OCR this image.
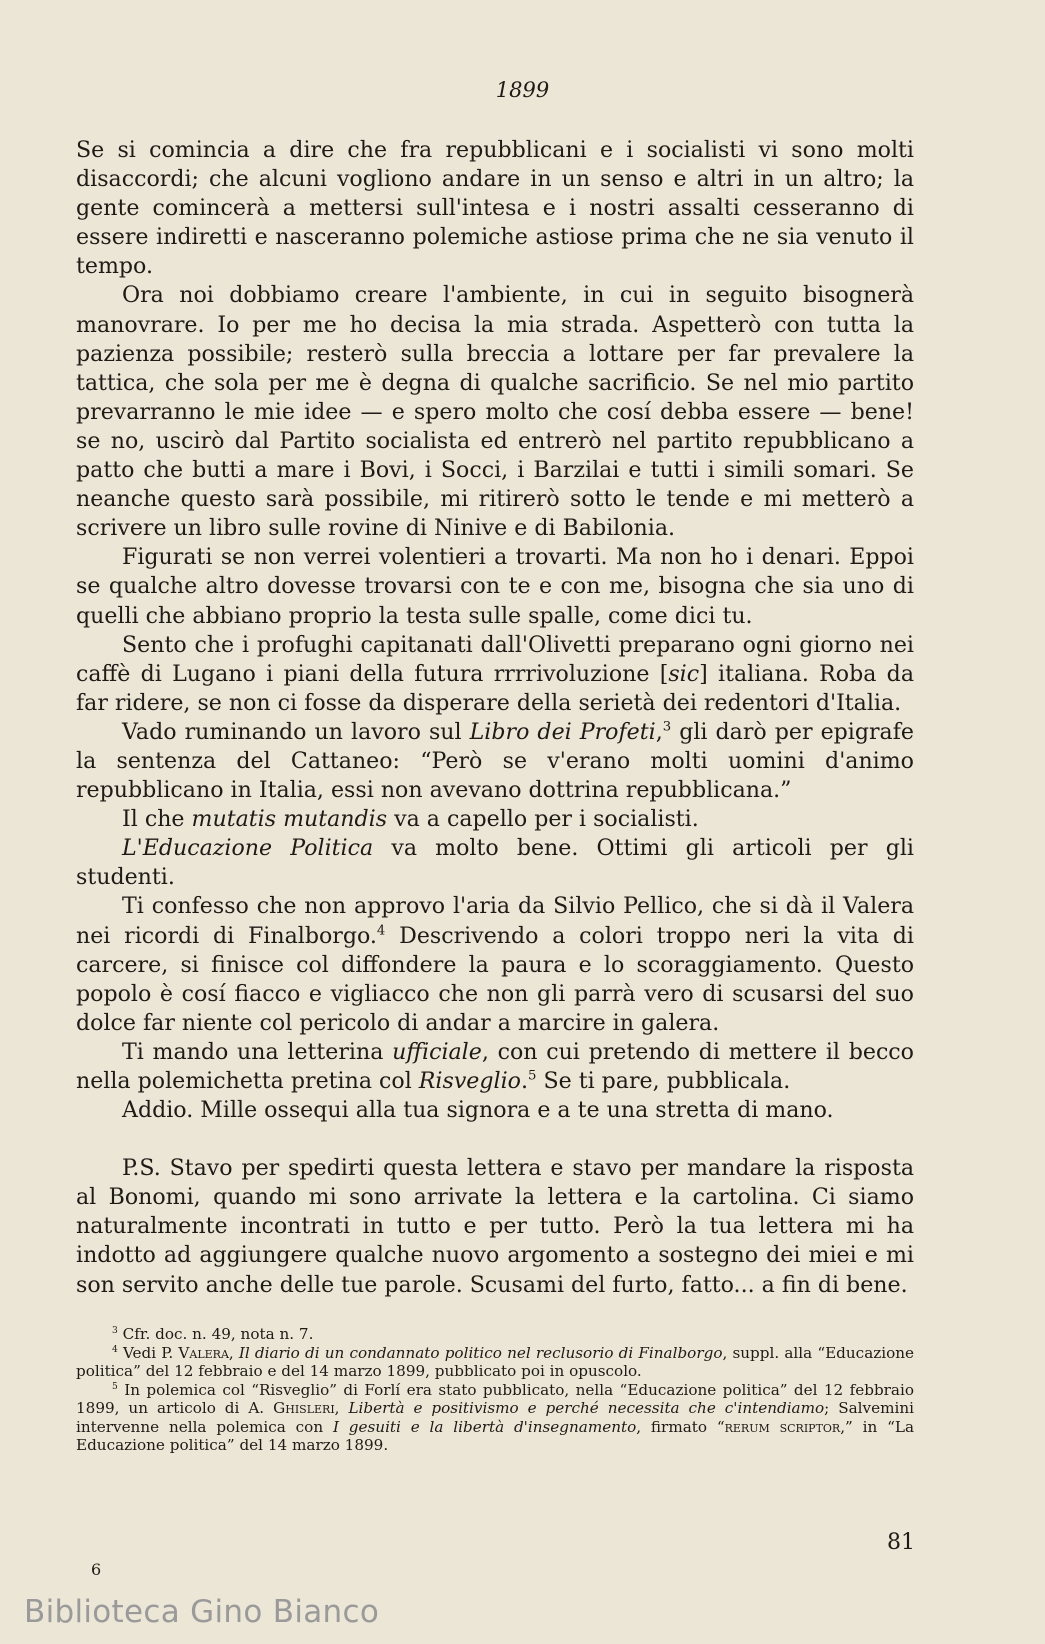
1899

Se si comincia a dire che fra repubblicani e i socialisti vi sono molti disaccordi; che alcuni vogliono andare in un senso e altri in un altro; la gente comincerà a mettersi sull'intesa e i nostri assalti cesseranno di essere indiretti e nasceranno polemiche astiose prima che ne sia venuto il tempo.

Ora noi dobbiamo creare l'ambiente, in cui in seguito bisognerà manovrare. Io per me ho decisa la mia strada. Aspetterò con tutta la pazienza possibile; resterò sulla breccia a lottare per far prevalere la tattica, che sola per me è degna di qualche sacrificio. Se nel mio partito prevarranno le mie idee — e spero molto che cosí debba essere — bene! se no, uscirò dal Partito socialista ed entrerò nel partito repubblicano a patto che butti a mare i Bovi, i Socci, i Barzilai e tutti i simili somari. Se neanche questo sarà possibile, mi ritirerò sotto le tende e mi metterò a scrivere un libro sulle rovine di Ninive e di Babilonia.

Figurati se non verrei volentieri a trovarti. Ma non ho i denari. Eppoi se qualche altro dovesse trovarsi con te e con me, bisogna che sia uno di quelli che abbiano proprio la testa sulle spalle, come dici tu.

Sento che i profughi capitanati dall'Olivetti preparano ogni giorno nei caffè di Lugano i piani della futura rrrrivoluzione [sic] italiana. Roba da far ridere, se non ci fosse da disperare della serietà dei redentori d'Italia.

Vado ruminando un lavoro sul Libro dei Profeti,$^3$ gli darò per epigrafe la sentenza del Cattaneo: “Però se v'erano molti uomini d'animo repubblicano in Italia, essi non avevano dottrina repubblicana.”

Il che mutatis mutandis va a capello per i socialisti.

L'Educazione Politica va molto bene. Ottimi gli articoli per gli studenti.

Ti confesso che non approvo l'aria da Silvio Pellico, che si dà il Valera nei ricordi di Finalborgo.$^4$ Descrivendo a colori troppo neri la vita di carcere, si finisce col diffondere la paura e lo scoraggiamento. Questo popolo è cosí fiacco e vigliacco che non gli parrà vero di scusarsi del suo dolce far niente col pericolo di andar a marcire in galera.

Ti mando una letterina ufficiale, con cui pretendo di mettere il becco nella polemichetta pretina col Risveglio.$^5$ Se ti pare, pubblicala.

Addio. Mille ossequi alla tua signora e a te una stretta di mano.

P.S. Stavo per spedirti questa lettera e stavo per mandare la risposta al Bonomi, quando mi sono arrivate la lettera e la cartolina. Ci siamo naturalmente incontrati in tutto e per tutto. Però la tua lettera mi ha indotto ad aggiungere qualche nuovo argomento a sostegno dei miei e mi son servito anche delle tue parole. Scusami del furto, fatto... a fin di bene.

$^3$ Cfr. doc. n. 49, nota n. 7.

$^4$ Vedi P. Valera, Il diario di un condannato politico nel reclusorio di Finalborgo, suppl. alla “Educazione politica” del 12 febbraio e del 14 marzo 1899, pubblicato poi in opuscolo.

$^5$ In polemica col “Risveglio” di Forlí era stato pubblicato, nella “Educazione politica” del 12 febbraio 1899, un articolo di A. Ghisleri, Libertà e positivismo e perché necessita che c'intendiamo; Salvemini intervenne nella polemica con I gesuiti e la libertà d'insegnamento, firmato “rerum scriptor,” in “La Educazione politica” del 14 marzo 1899.

81
6
Biblioteca Gino Bianco
